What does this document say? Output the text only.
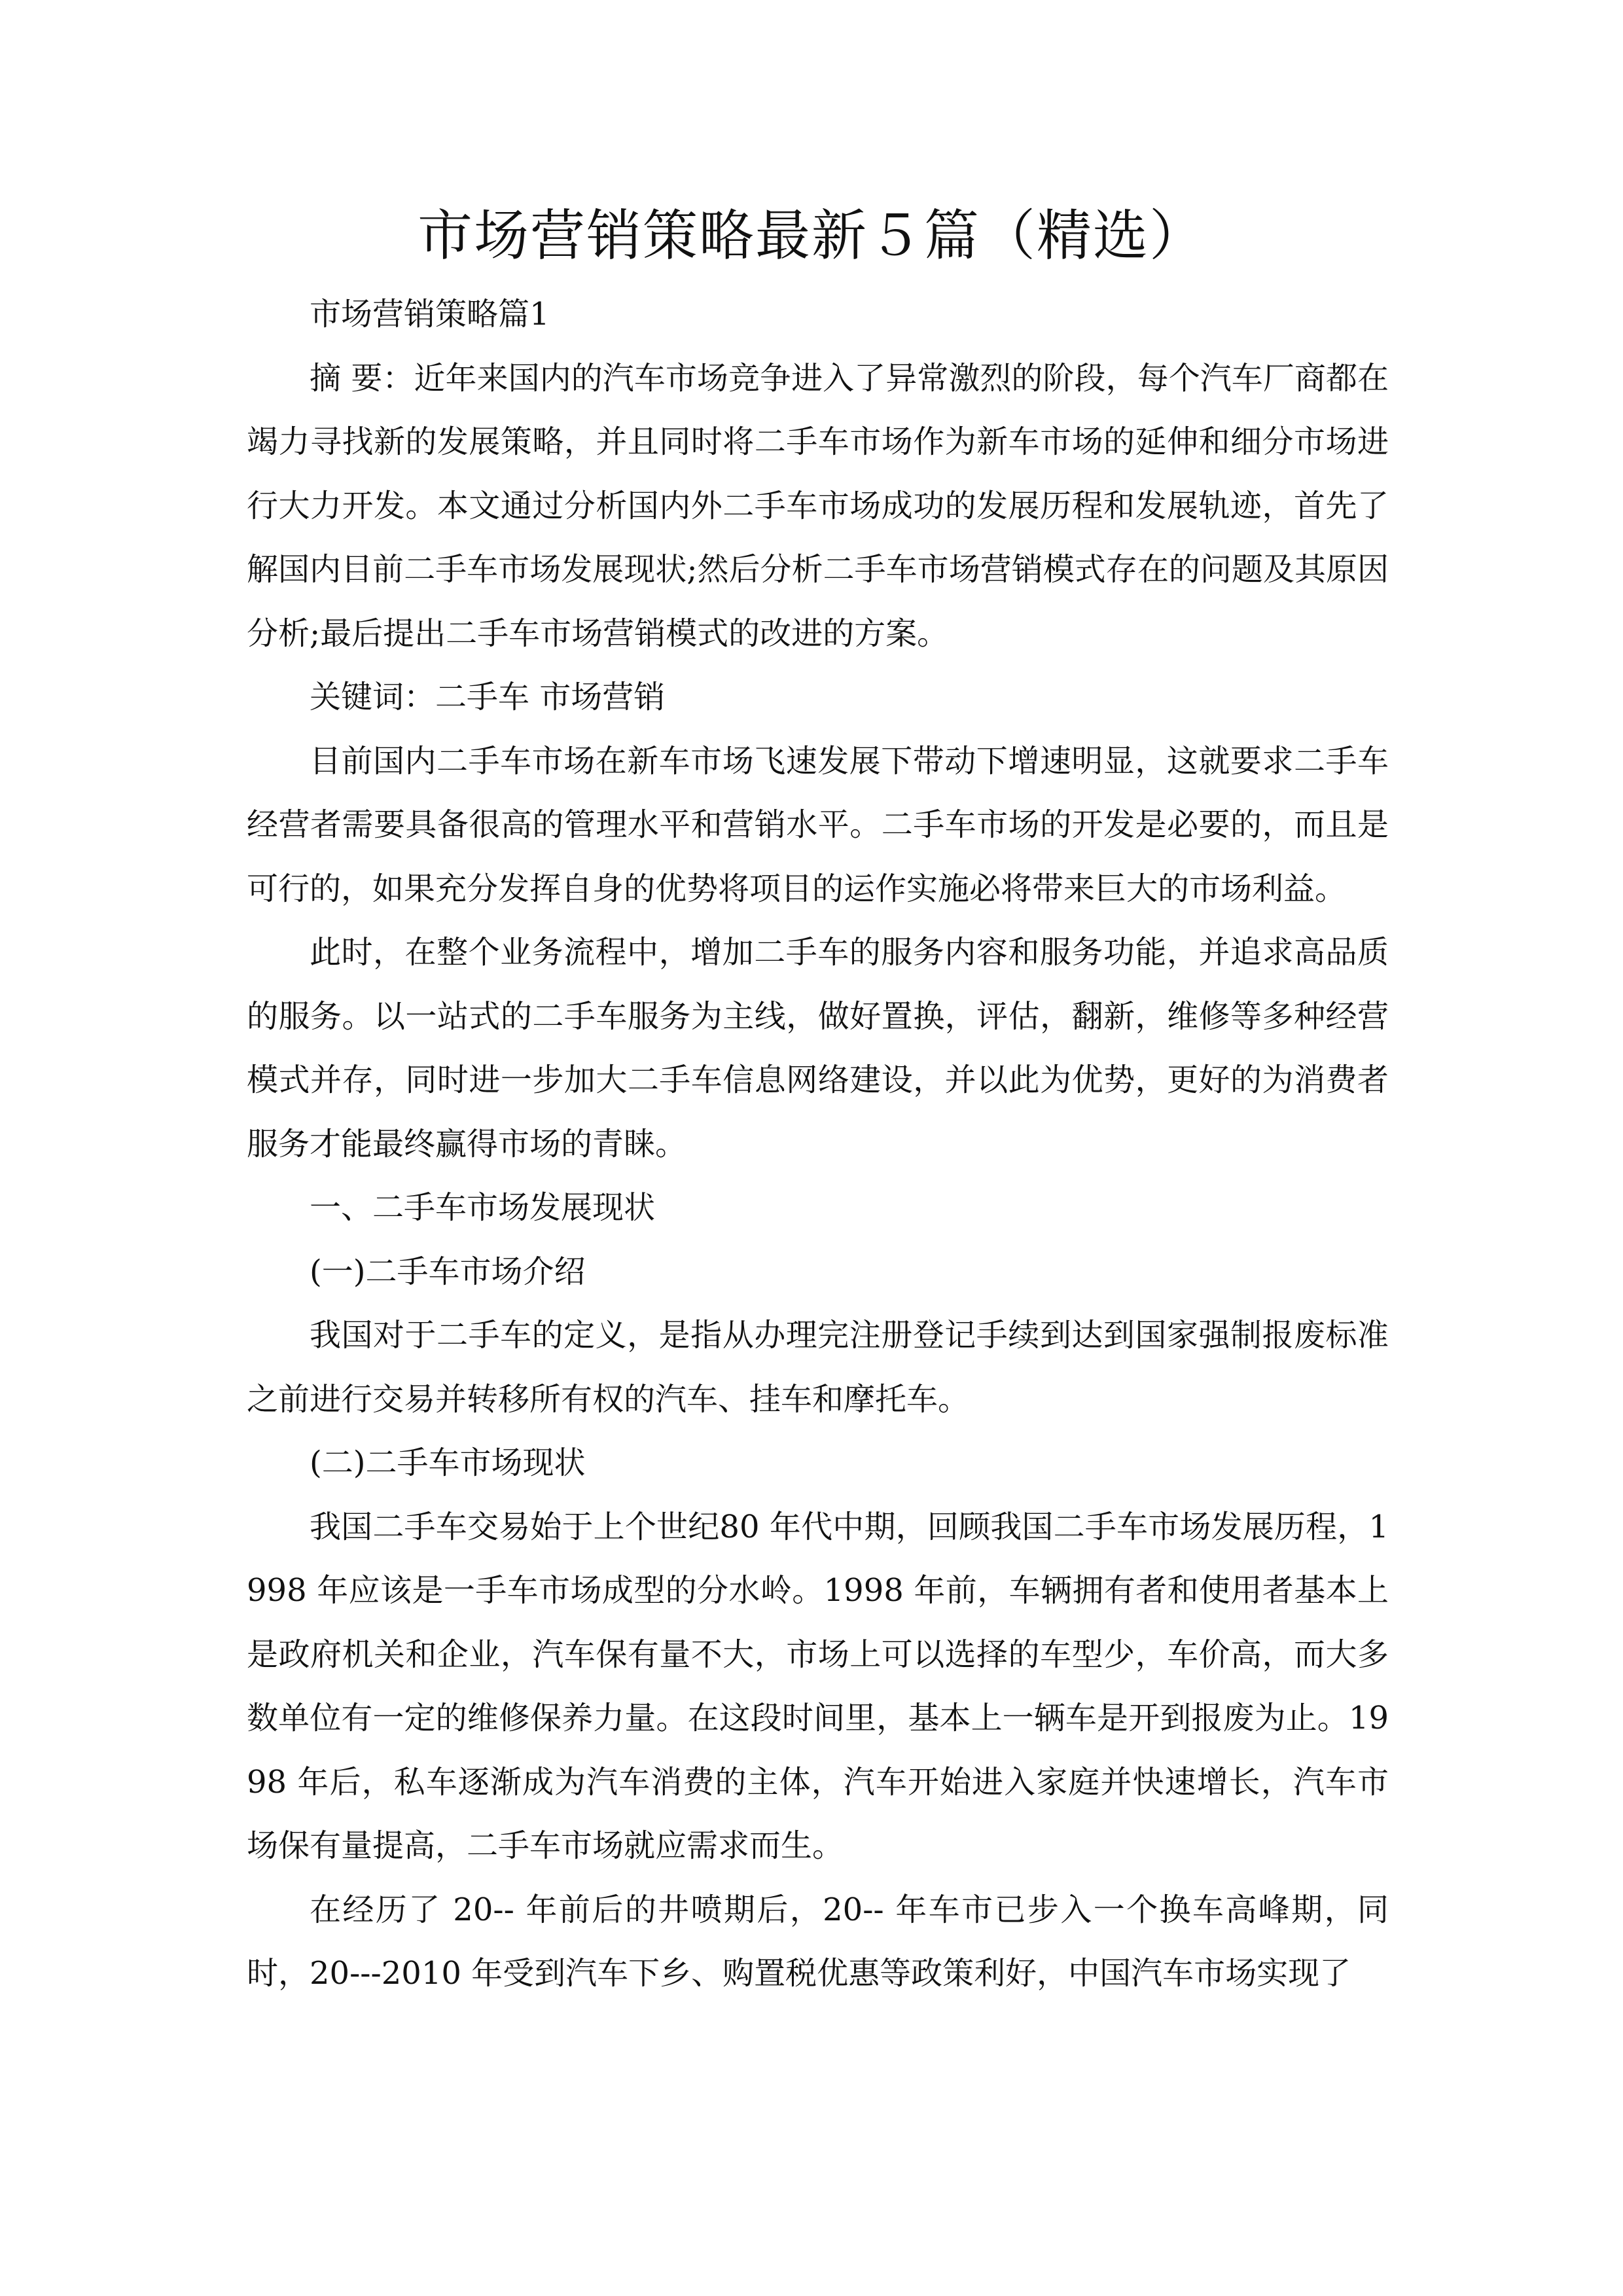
市场营销策略最新５篇（精选）

市场营销策略篇1

摘 要：近年来国内的汽车市场竞争进入了异常激烈的阶段，每个汽车厂商都在竭力寻找新的发展策略，并且同时将二手车市场作为新车市场的延伸和细分市场进行大力开发。本文通过分析国内外二手车市场成功的发展历程和发展轨迹，首先了解国内目前二手车市场发展现状;然后分析二手车市场营销模式存在的问题及其原因分析;最后提出二手车市场营销模式的改进的方案。

关键词：二手车 市场营销

目前国内二手车市场在新车市场飞速发展下带动下增速明显，这就要求二手车经营者需要具备很高的管理水平和营销水平。二手车市场的开发是必要的，而且是可行的，如果充分发挥自身的优势将项目的运作实施必将带来巨大的市场利益。

此时，在整个业务流程中，增加二手车的服务内容和服务功能，并追求高品质的服务。以一站式的二手车服务为主线，做好置换，评估，翻新，维修等多种经营模式并存，同时进一步加大二手车信息网络建设，并以此为优势，更好的为消费者服务才能最终赢得市场的青睐。

一、二手车市场发展现状

(一)二手车市场介绍

我国对于二手车的定义，是指从办理完注册登记手续到达到国家强制报废标准之前进行交易并转移所有权的汽车、挂车和摩托车。

(二)二手车市场现状

我国二手车交易始于上个世纪80 年代中期，回顾我国二手车市场发展历程，1998 年应该是一手车市场成型的分水岭。1998 年前，车辆拥有者和使用者基本上是政府机关和企业，汽车保有量不大，市场上可以选择的车型少，车价高，而大多数单位有一定的维修保养力量。在这段时间里，基本上一辆车是开到报废为止。1998 年后，私车逐渐成为汽车消费的主体，汽车开始进入家庭并快速增长，汽车市场保有量提高，二手车市场就应需求而生。

在经历了 20-- 年前后的井喷期后，20-- 年车市已步入一个换车高峰期，同时，20---2010 年受到汽车下乡、购置税优惠等政策利好，中国汽车市场实现了
